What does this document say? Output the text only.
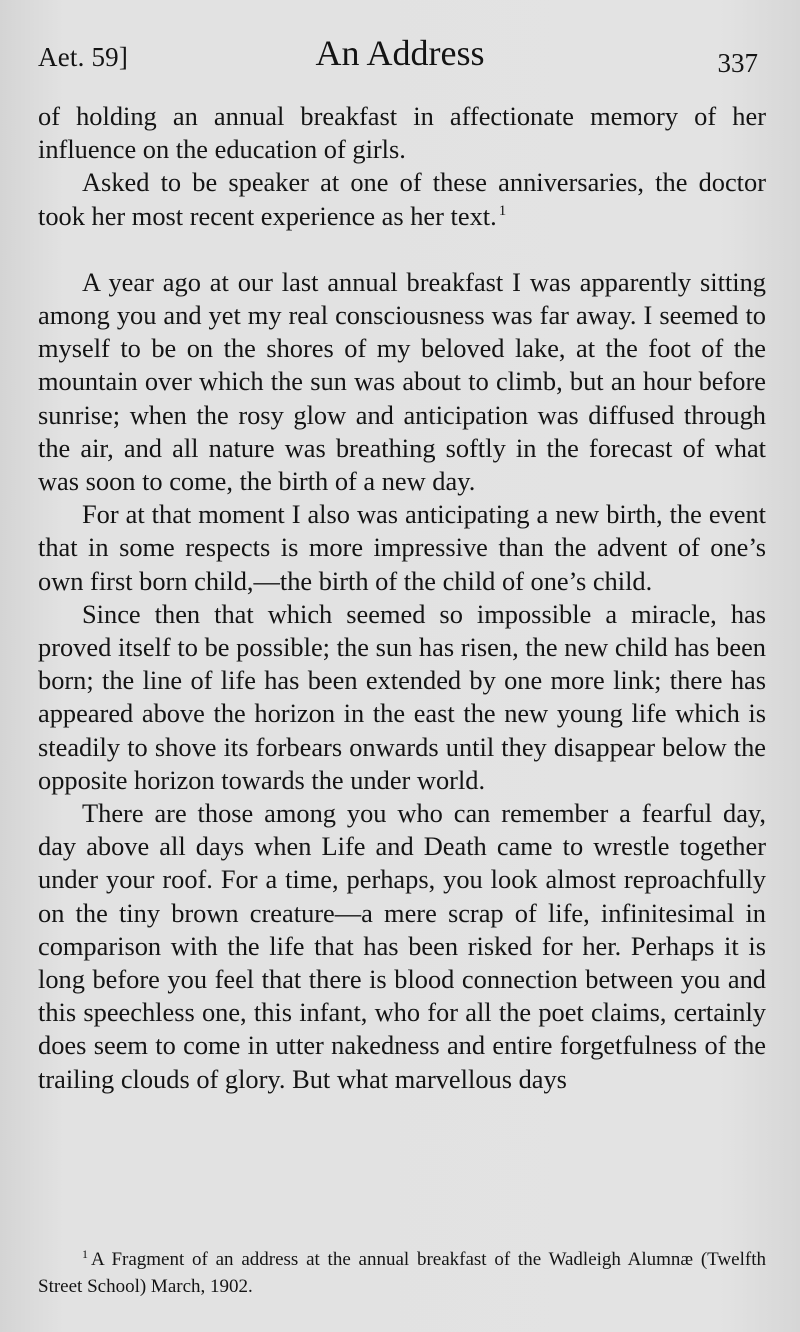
Aet. 59]	An Address	337

of holding an annual breakfast in affectionate memory of her influence on the education of girls.

Asked to be speaker at one of these anniversaries, the doctor took her most recent experience as her text. $^1$

A year ago at our last annual breakfast I was apparently sitting among you and yet my real consciousness was far away. I seemed to myself to be on the shores of my beloved lake, at the foot of the mountain over which the sun was about to climb, but an hour before sunrise; when the rosy glow and anticipation was diffused through the air, and all nature was breathing softly in the forecast of what was soon to come, the birth of a new day.

For at that moment I also was anticipating a new birth, the event that in some respects is more impressive than the advent of one’s own first born child,—the birth of the child of one’s child.

Since then that which seemed so impossible a miracle, has proved itself to be possible; the sun has risen, the new child has been born; the line of life has been extended by one more link; there has appeared above the horizon in the east the new young life which is steadily to shove its forbears onwards until they disappear below the opposite horizon towards the under world.

There are those among you who can remember a fearful day, day above all days when Life and Death came to wrestle together under your roof. For a time, perhaps, you look almost reproachfully on the tiny brown creature—a mere scrap of life, infinitesimal in comparison with the life that has been risked for her. Perhaps it is long before you feel that there is blood connection between you and this speechless one, this infant, who for all the poet claims, certainly does seem to come in utter nakedness and entire forgetfulness of the trailing clouds of glory. But what marvellous days

$^1$ A Fragment of an address at the annual breakfast of the Wadleigh Alumnæ (Twelfth Street School) March, 1902.
